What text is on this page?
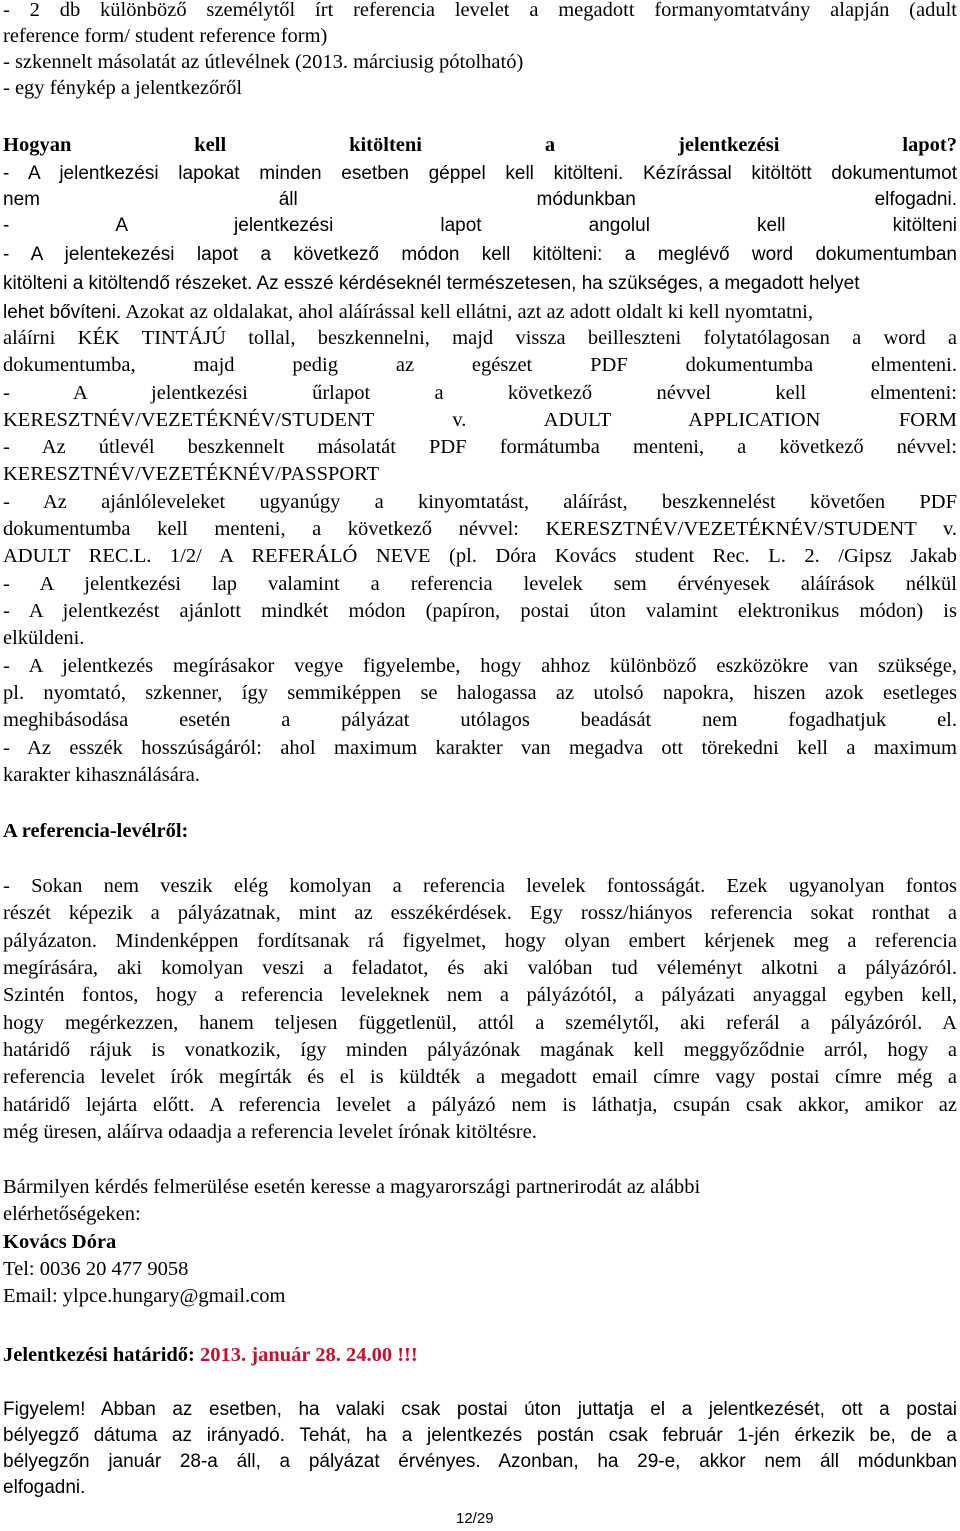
- 2 db különböző személytől írt referencia levelet a megadott formanyomtatvány alapján (adult
reference form/ student reference form)
- szkennelt másolatát az útlevélnek (2013. márciusig pótolható)
- egy fénykép a jelentkezőről
Hogyan kell kitölteni a jelentkezési lapot?
- A jelentkezési lapokat minden esetben géppel kell kitölteni. Kézírással kitöltött dokumentumot
nem áll módunkban elfogadni.
- A jelentkezési lapot angolul kell kitölteni
- A jelentekezési lapot a következő módon kell kitölteni: a meglévő word dokumentumban
kitölteni a kitöltendő részeket. Az esszé kérdéseknél természetesen, ha szükséges, a megadott helyet
lehet bővíteni. Azokat az oldalakat, ahol aláírással kell ellátni, azt az adott oldalt ki kell nyomtatni,
aláírni KÉK TINTÁJÚ tollal, beszkennelni, majd vissza beilleszteni folytatólagosan a word a
dokumentumba, majd pedig az egészet PDF dokumentumba elmenteni.
- A jelentkezési űrlapot a következő névvel kell elmenteni:
KERESZTNÉV/VEZETÉKNÉV/STUDENT v. ADULT APPLICATION FORM
- Az útlevél beszkennelt másolatát PDF formátumba menteni, a következő névvel:
KERESZTNÉV/VEZETÉKNÉV/PASSPORT
- Az ajánlóleveleket ugyanúgy a kinyomtatást, aláírást, beszkennelést követően PDF
dokumentumba kell menteni, a következő névvel: KERESZTNÉV/VEZETÉKNÉV/STUDENT v.
ADULT REC.L. 1/2/ A REFERÁLÓ NEVE (pl. Dóra Kovács student Rec. L. 2. /Gipsz Jakab
- A jelentkezési lap valamint a referencia levelek sem érvényesek aláírások nélkül
- A jelentkezést ajánlott mindkét módon (papíron, postai úton valamint elektronikus módon) is
elküldeni.
- A jelentkezés megírásakor vegye figyelembe, hogy ahhoz különböző eszközökre van szüksége,
pl. nyomtató, szkenner, így semmiképpen se halogassa az utolsó napokra, hiszen azok esetleges
meghibásodása esetén a pályázat utólagos beadását nem fogadhatjuk el.
- Az esszék hosszúságáról: ahol maximum karakter van megadva ott törekedni kell a maximum
karakter kihasználására.
A referencia-levélről:
- Sokan nem veszik elég komolyan a referencia levelek fontosságát. Ezek ugyanolyan fontos
részét képezik a pályázatnak, mint az esszékérdések. Egy rossz/hiányos referencia sokat ronthat a
pályázaton. Mindenképpen fordítsanak rá figyelmet, hogy olyan embert kérjenek meg a referencia
megírására, aki komolyan veszi a feladatot, és aki valóban tud véleményt alkotni a pályázóról.
Szintén fontos, hogy a referencia leveleknek nem a pályázótól, a pályázati anyaggal egyben kell,
hogy megérkezzen, hanem teljesen függetlenül, attól a személytől, aki referál a pályázóról. A
határidő rájuk is vonatkozik, így minden pályázónak magának kell meggyőződnie arról, hogy a
referencia levelet írók megírták és el is küldték a megadott email címre vagy postai címre még a
határidő lejárta előtt. A referencia levelet a pályázó nem is láthatja, csupán csak akkor, amikor az
még üresen, aláírva odaadja a referencia levelet írónak kitöltésre.
Bármilyen kérdés felmerülése esetén keresse a magyarországi partnerirodát az alábbi
elérhetőségeken:
Kovács Dóra
Tel: 0036 20 477 9058
Email: ylpce.hungary@gmail.com
Jelentkezési határidő: 2013. január 28. 24.00 !!!
Figyelem! Abban az esetben, ha valaki csak postai úton juttatja el a jelentkezését, ott a postai
bélyegző dátuma az irányadó. Tehát, ha a jelentkezés postán csak február 1-jén érkezik be, de a
bélyegzőn január 28-a áll, a pályázat érvényes. Azonban, ha 29-e, akkor nem áll módunkban
elfogadni.
12/29
